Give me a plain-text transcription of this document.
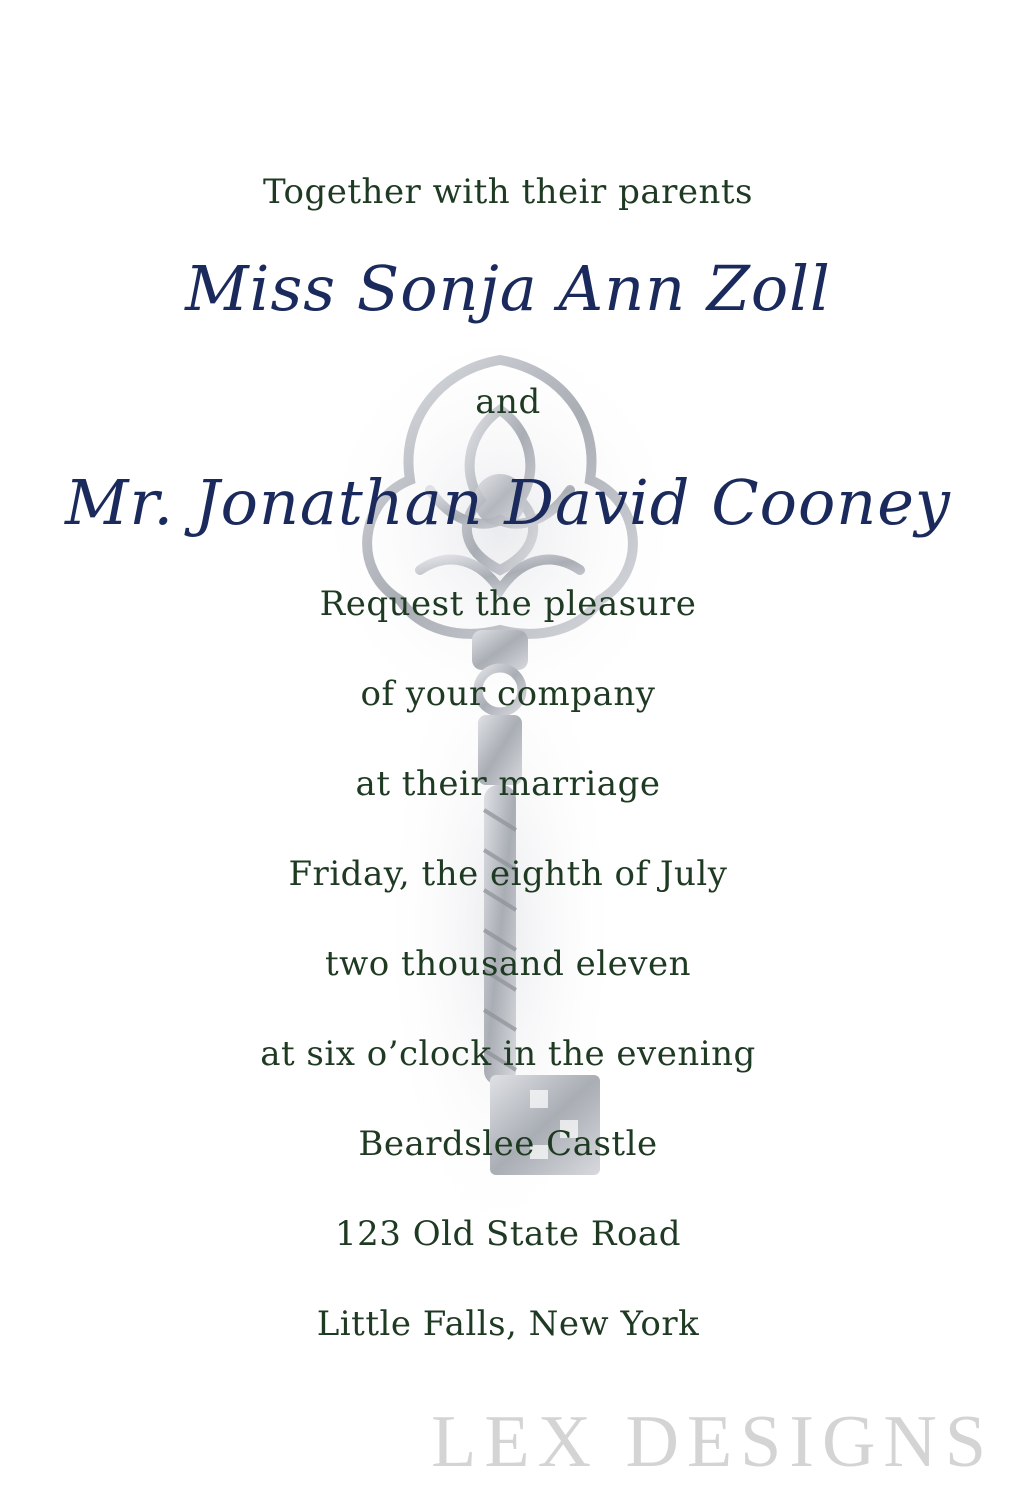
Together with their parents
Miss Sonja Ann Zoll
and
Mr. Jonathan David Cooney
Request the pleasure
of your company
at their marriage
Friday, the eighth of July
two thousand eleven
at six o’clock in the evening
Beardslee Castle
123 Old State Road
Little Falls, New York
LEX DESIGNS
